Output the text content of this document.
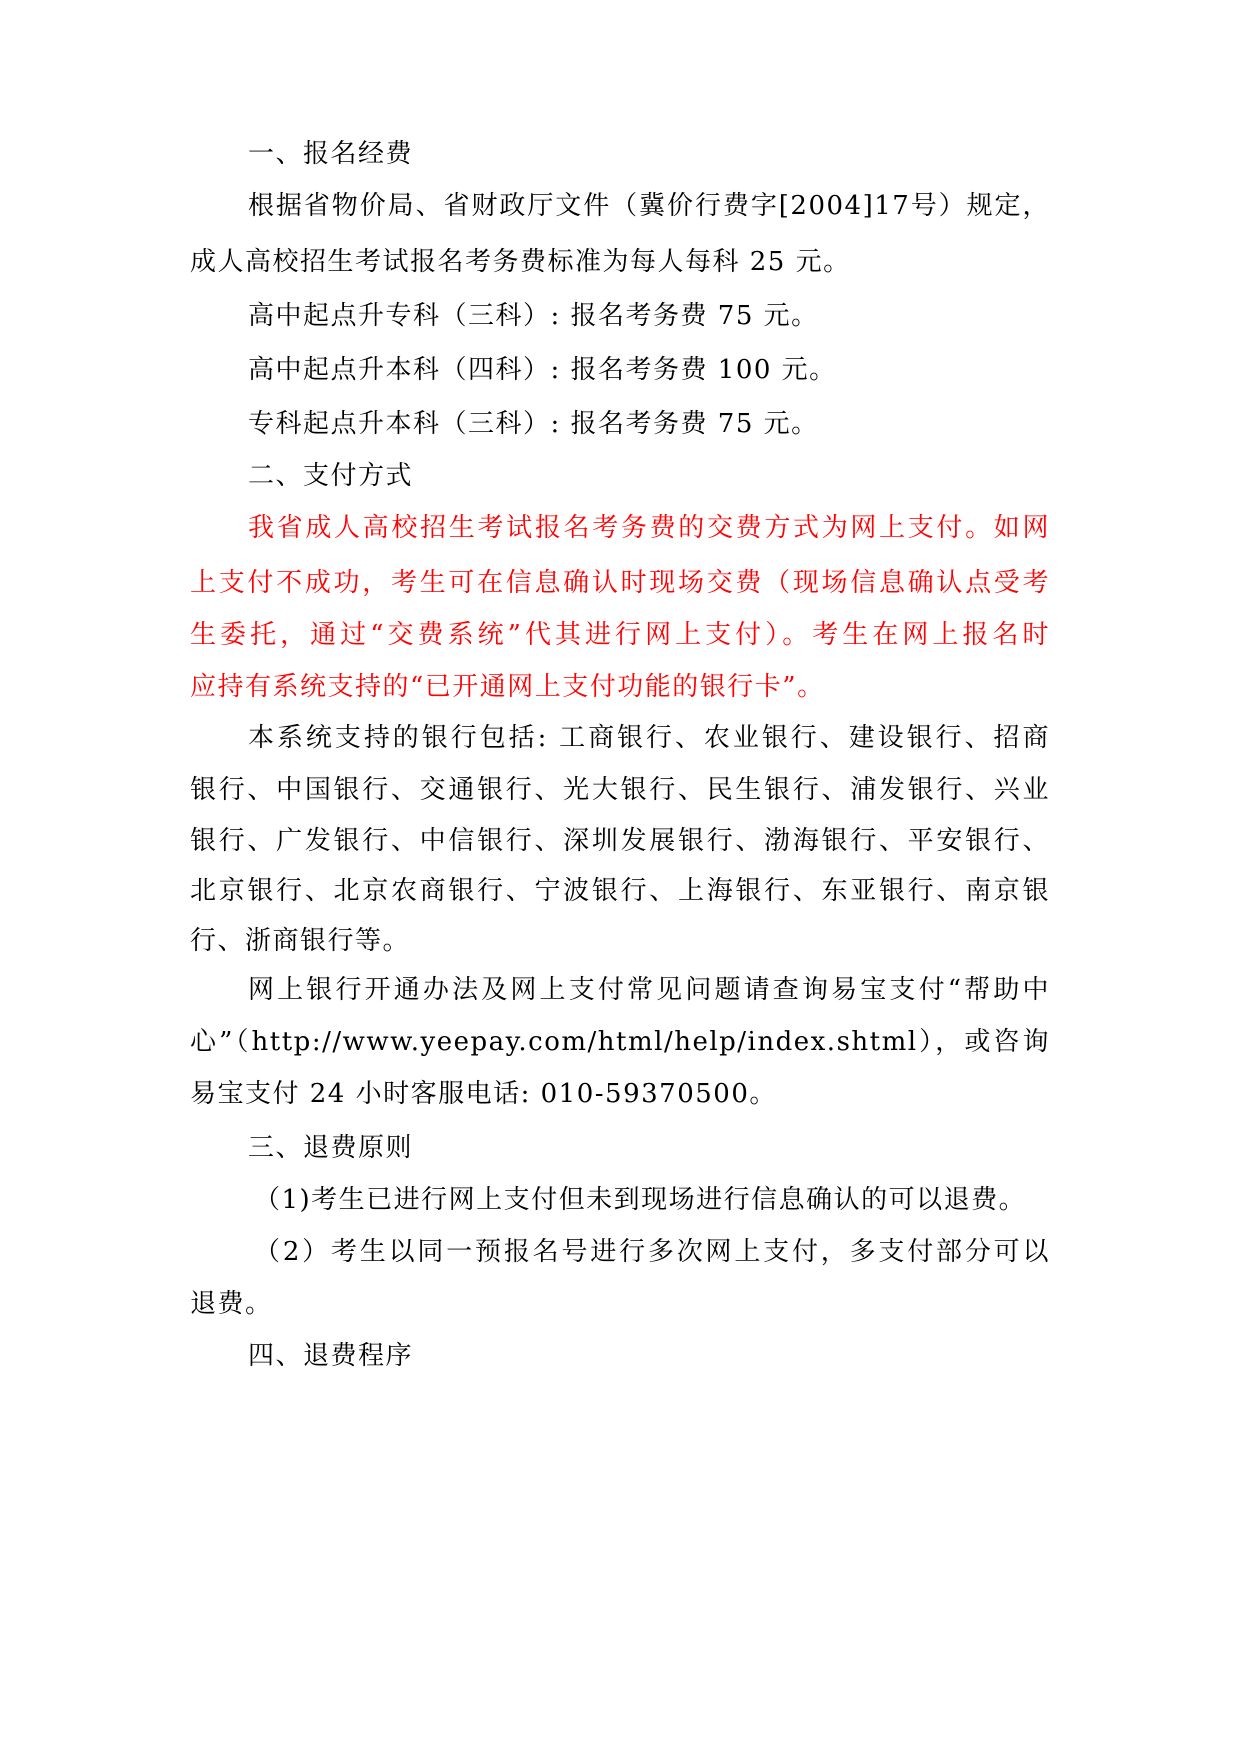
一、报名经费
根据省物价局、省财政厅文件（冀价行费字[2004]17号）规定，
成人高校招生考试报名考务费标准为每人每科 25 元。
高中起点升专科（三科）: 报名考务费 75 元。
高中起点升本科（四科）: 报名考务费 100 元。
专科起点升本科（三科）: 报名考务费 75 元。
二、支付方式
我省成人高校招生考试报名考务费的交费方式为网上支付。如网
上支付不成功，考生可在信息确认时现场交费（现场信息确认点受考
生委托，通过“交费系统”代其进行网上支付）。考生在网上报名时
应持有系统支持的“已开通网上支付功能的银行卡”。
本系统支持的银行包括: 工商银行、农业银行、建设银行、招商
银行、中国银行、交通银行、光大银行、民生银行、浦发银行、兴业
银行、广发银行、中信银行、深圳发展银行、渤海银行、平安银行、
北京银行、北京农商银行、宁波银行、上海银行、东亚银行、南京银
行、浙商银行等。
网上银行开通办法及网上支付常见问题请查询易宝支付“帮助中
心”（http://www.yeepay.com/html/help/index.shtml），或咨询
易宝支付 24 小时客服电话: 010-59370500。
三、退费原则
（1)考生已进行网上支付但未到现场进行信息确认的可以退费。
（2）考生以同一预报名号进行多次网上支付，多支付部分可以
退费。
四、退费程序
